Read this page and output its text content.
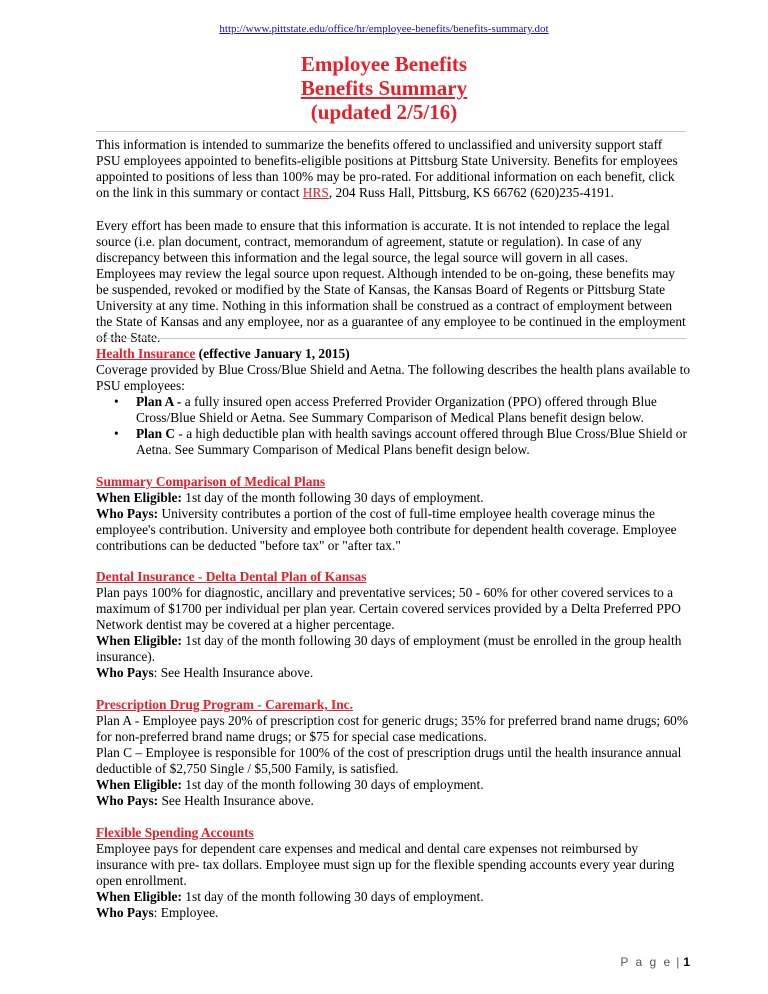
http://www.pittstate.edu/office/hr/employee-benefits/benefits-summary.dot
Employee Benefits
Benefits Summary
(updated 2/5/16)

This information is intended to summarize the benefits offered to unclassified and university support staff PSU employees appointed to benefits-eligible positions at Pittsburg State University. Benefits for employees appointed to positions of less than 100% may be pro-rated. For additional information on each benefit, click on the link in this summary or contact HRS, 204 Russ Hall, Pittsburg, KS 66762 (620)235-4191.

Every effort has been made to ensure that this information is accurate. It is not intended to replace the legal source (i.e. plan document, contract, memorandum of agreement, statute or regulation). In case of any discrepancy between this information and the legal source, the legal source will govern in all cases. Employees may review the legal source upon request. Although intended to be on-going, these benefits may be suspended, revoked or modified by the State of Kansas, the Kansas Board of Regents or Pittsburg State University at any time. Nothing in this information shall be construed as a contract of employment between the State of Kansas and any employee, nor as a guarantee of any employee to be continued in the employment of the State.

Health Insurance (effective January 1, 2015)

Coverage provided by Blue Cross/Blue Shield and Aetna. The following describes the health plans available to PSU employees:

• Plan A - a fully insured open access Preferred Provider Organization (PPO) offered through Blue Cross/Blue Shield or Aetna. See Summary Comparison of Medical Plans benefit design below.
• Plan C - a high deductible plan with health savings account offered through Blue Cross/Blue Shield or Aetna. See Summary Comparison of Medical Plans benefit design below.

Summary Comparison of Medical Plans

When Eligible: 1st day of the month following 30 days of employment.

Who Pays: University contributes a portion of the cost of full-time employee health coverage minus the employee's contribution. University and employee both contribute for dependent health coverage. Employee contributions can be deducted "before tax" or "after tax."

Dental Insurance - Delta Dental Plan of Kansas

Plan pays 100% for diagnostic, ancillary and preventative services; 50 - 60% for other covered services to a maximum of $1700 per individual per plan year. Certain covered services provided by a Delta Preferred PPO Network dentist may be covered at a higher percentage.

When Eligible: 1st day of the month following 30 days of employment (must be enrolled in the group health insurance).

Who Pays: See Health Insurance above.

Prescription Drug Program - Caremark, Inc.

Plan A - Employee pays 20% of prescription cost for generic drugs; 35% for preferred brand name drugs; 60% for non-preferred brand name drugs; or $75 for special case medications.

Plan C – Employee is responsible for 100% of the cost of prescription drugs until the health insurance annual deductible of $2,750 Single / $5,500 Family, is satisfied.

When Eligible: 1st day of the month following 30 days of employment.

Who Pays: See Health Insurance above.

Flexible Spending Accounts

Employee pays for dependent care expenses and medical and dental care expenses not reimbursed by insurance with pre- tax dollars. Employee must sign up for the flexible spending accounts every year during open enrollment.

When Eligible: 1st day of the month following 30 days of employment.

Who Pays: Employee.

P a g e | 1
